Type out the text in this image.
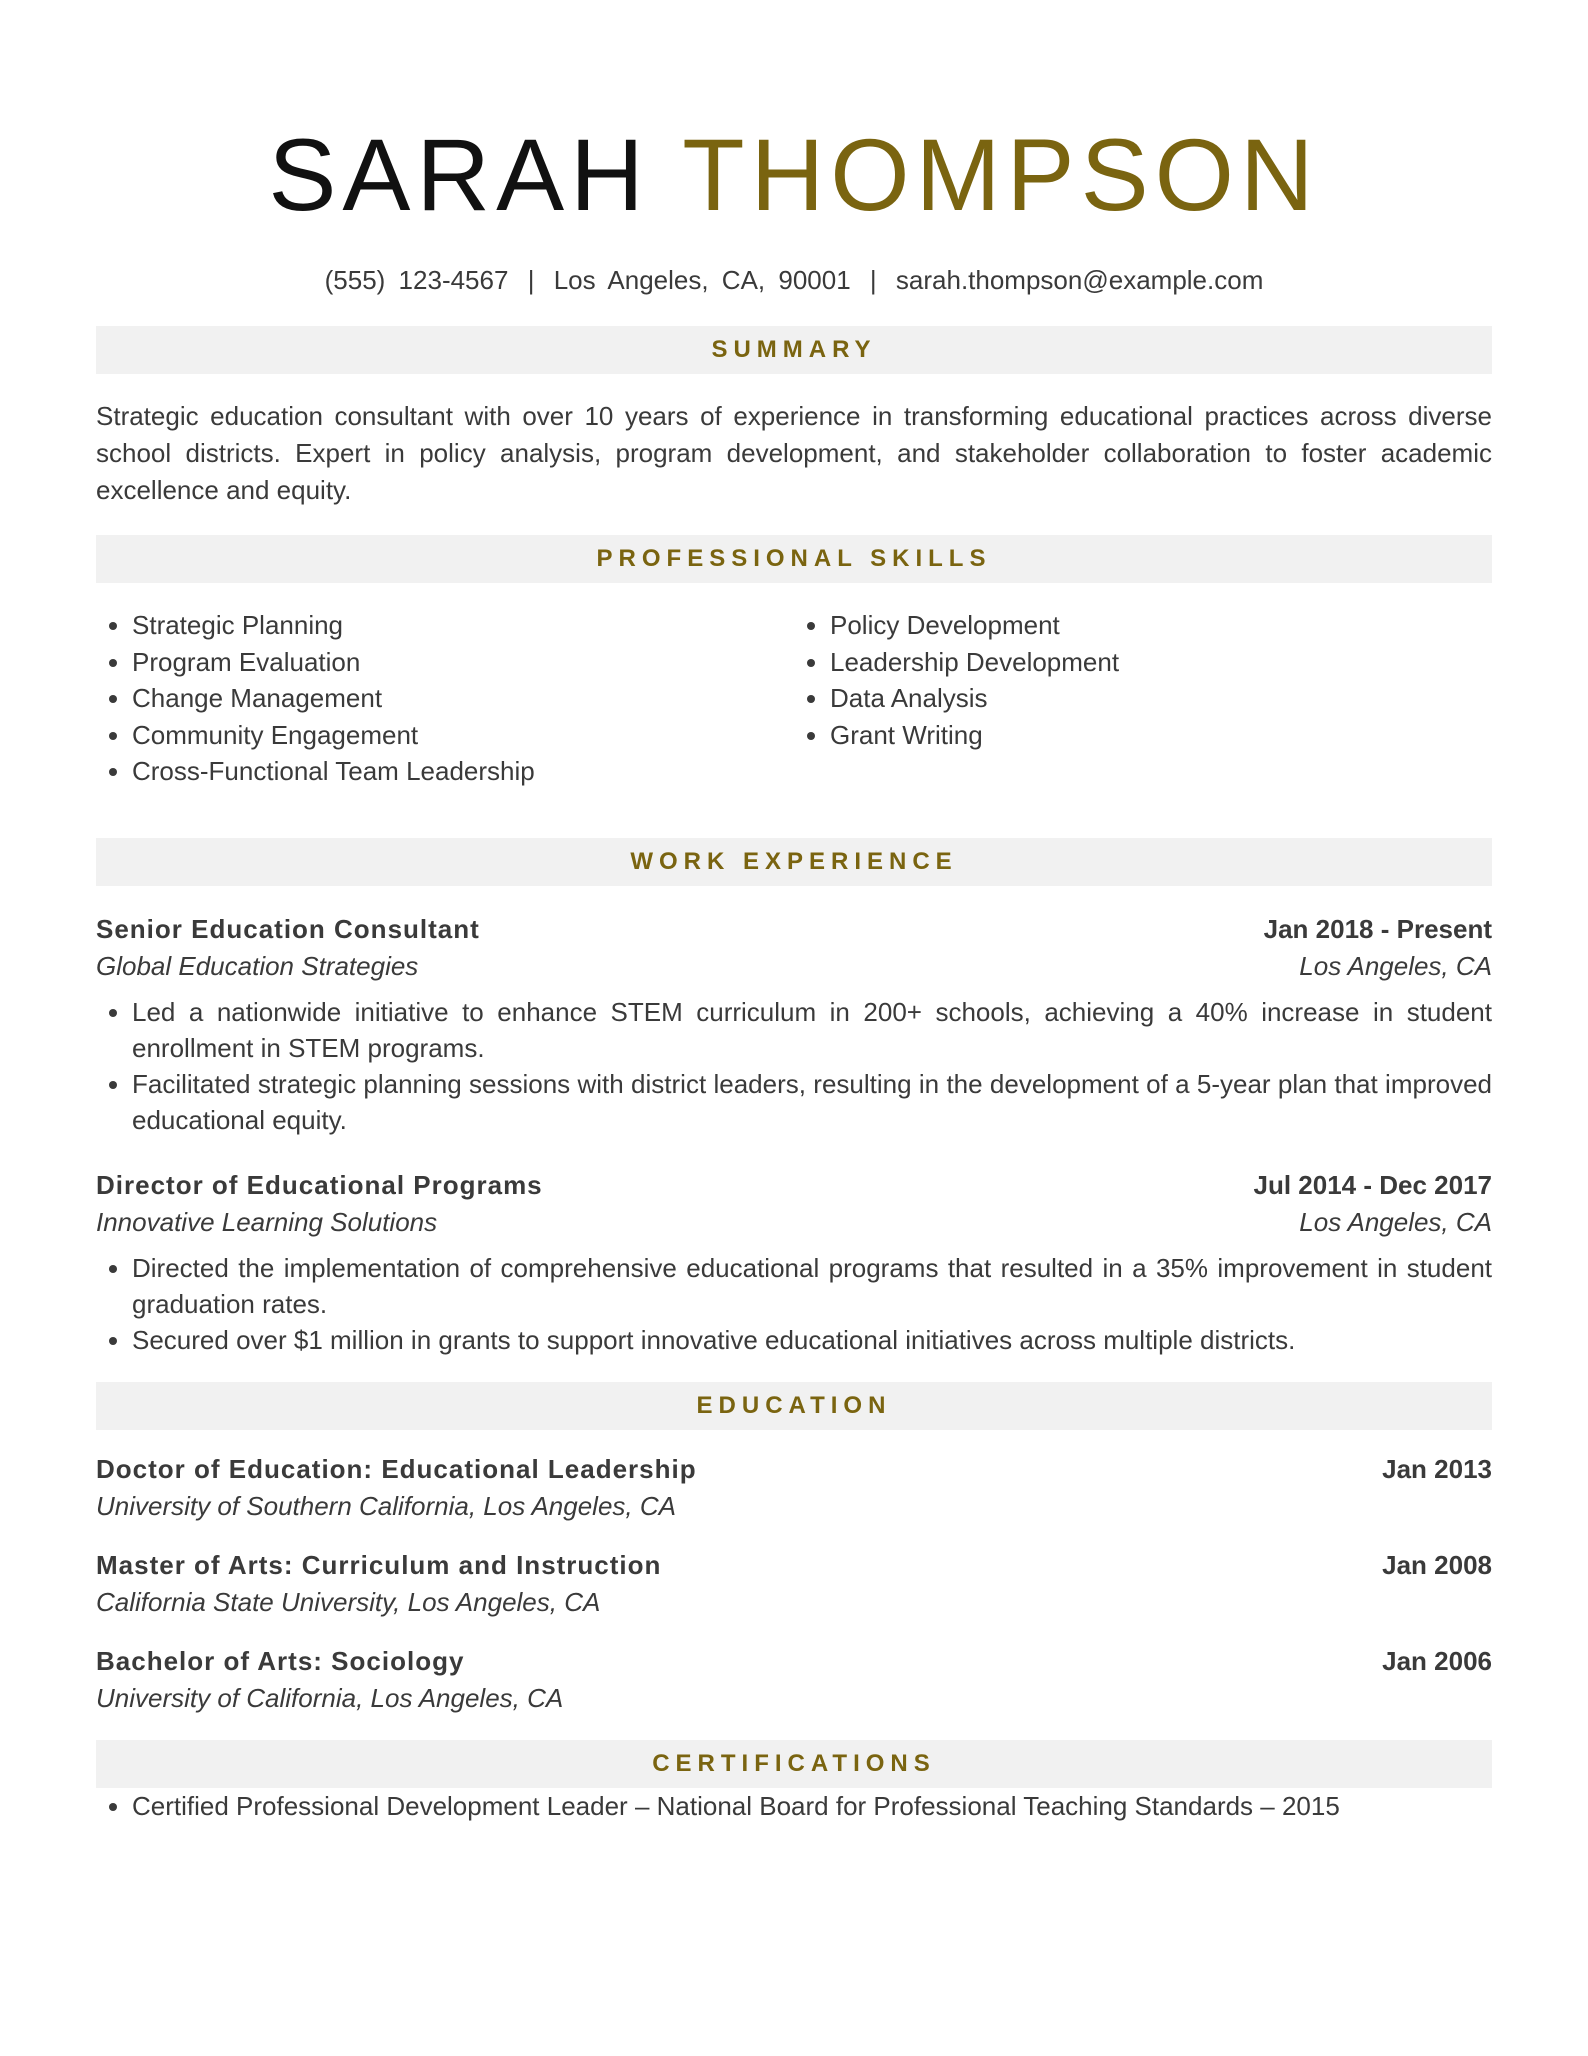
SARAH THOMPSON
(555) 123-4567 | Los Angeles, CA, 90001 | sarah.thompson@example.com
SUMMARY

Strategic education consultant with over 10 years of experience in transforming educational practices across diverse school districts. Expert in policy analysis, program development, and stakeholder collaboration to foster academic excellence and equity.

PROFESSIONAL SKILLS
• Strategic Planning
• Program Evaluation
• Change Management
• Community Engagement
• Cross-Functional Team Leadership
• Policy Development
• Leadership Development
• Data Analysis
• Grant Writing
WORK EXPERIENCE
Senior Education Consultant	Jan 2018 - Present
Global Education Strategies	Los Angeles, CA
• Led a nationwide initiative to enhance STEM curriculum in 200+ schools, achieving a 40% increase in student enrollment in STEM programs.
• Facilitated strategic planning sessions with district leaders, resulting in the development of a 5-year plan that improved educational equity.
Director of Educational Programs	Jul 2014 - Dec 2017
Innovative Learning Solutions	Los Angeles, CA
• Directed the implementation of comprehensive educational programs that resulted in a 35% improvement in student graduation rates.
• Secured over $1 million in grants to support innovative educational initiatives across multiple districts.
EDUCATION
Doctor of Education: Educational Leadership	Jan 2013
University of Southern California, Los Angeles, CA
Master of Arts: Curriculum and Instruction	Jan 2008
California State University, Los Angeles, CA
Bachelor of Arts: Sociology	Jan 2006
University of California, Los Angeles, CA
CERTIFICATIONS
• Certified Professional Development Leader – National Board for Professional Teaching Standards – 2015
